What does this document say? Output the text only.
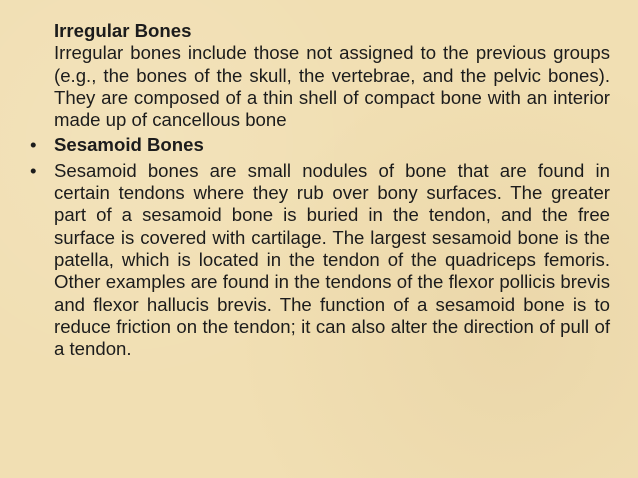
Irregular Bones

Irregular bones include those not assigned to the previous groups (e.g., the bones of the skull, the vertebrae, and the pelvic bones). They are composed of a thin shell of compact bone with an interior made up of cancellous bone

• Sesamoid Bones
• Sesamoid bones are small nodules of bone that are found in certain tendons where they rub over bony surfaces. The greater part of a sesamoid bone is buried in the tendon, and the free surface is covered with cartilage. The largest sesamoid bone is the patella, which is located in the tendon of the quadriceps femoris. Other examples are found in the tendons of the flexor pollicis brevis and flexor hallucis brevis. The function of a sesamoid bone is to reduce friction on the tendon; it can also alter the direction of pull of a tendon.
